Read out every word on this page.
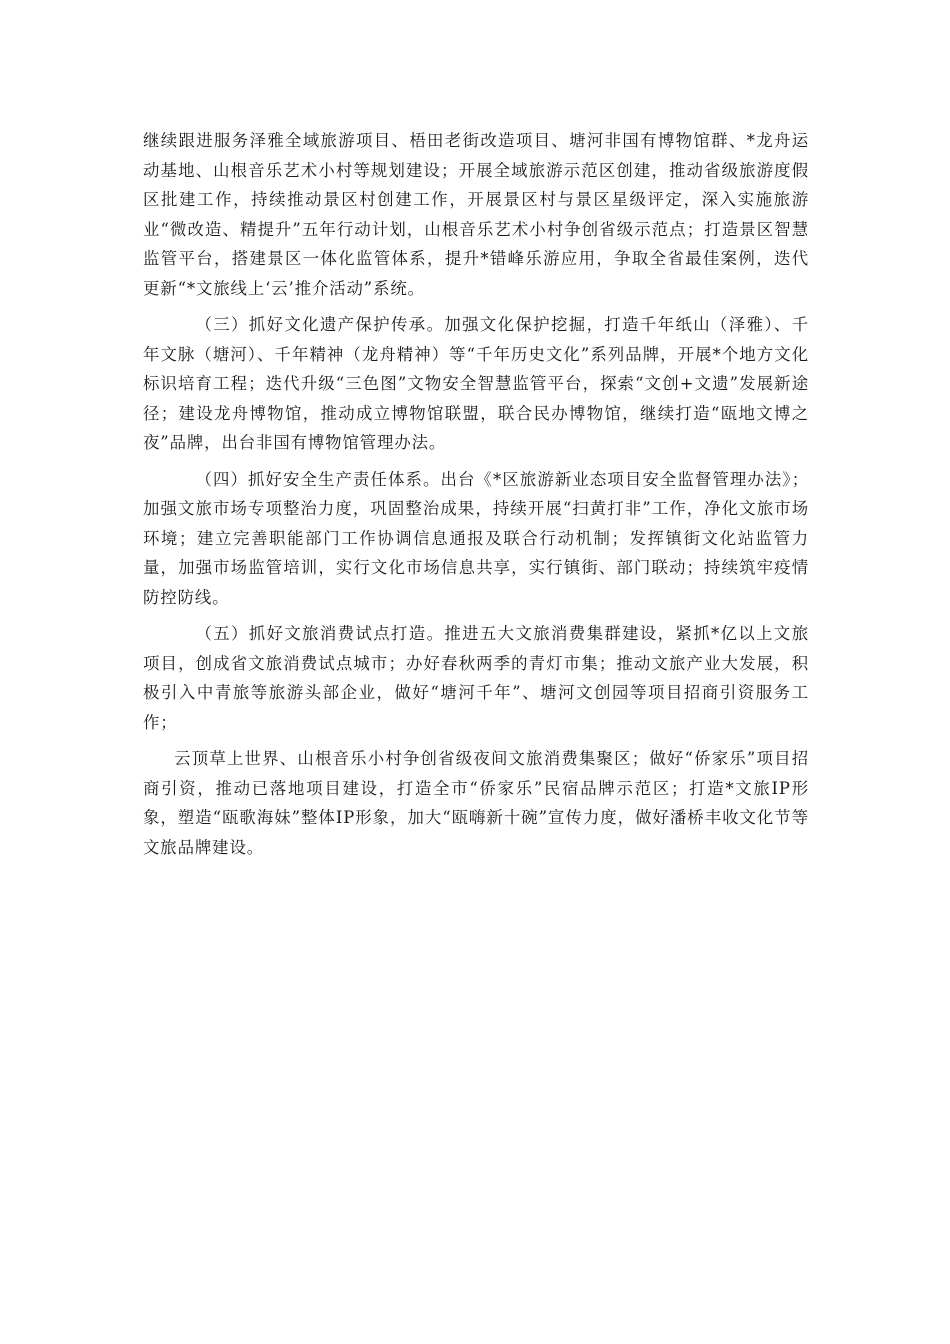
继续跟进服务泽雅全域旅游项目、梧田老街改造项目、塘河非国有博物馆群、*龙舟运动基地、山根音乐艺术小村等规划建设；开展全域旅游示范区创建，推动省级旅游度假区批建工作，持续推动景区村创建工作，开展景区村与景区星级评定，深入实施旅游业“微改造、精提升”五年行动计划，山根音乐艺术小村争创省级示范点；打造景区智慧监管平台，搭建景区一体化监管体系，提升*错峰乐游应用，争取全省最佳案例，迭代更新“*文旅线上‘云’推介活动”系统。

（三）抓好文化遗产保护传承。加强文化保护挖掘，打造千年纸山（泽雅）、千年文脉（塘河）、千年精神（龙舟精神）等“千年历史文化”系列品牌，开展*个地方文化标识培育工程；迭代升级“三色图”文物安全智慧监管平台，探索“文创+文遗”发展新途径；建设龙舟博物馆，推动成立博物馆联盟，联合民办博物馆，继续打造“瓯地文博之夜”品牌，出台非国有博物馆管理办法。

（四）抓好安全生产责任体系。出台《*区旅游新业态项目安全监督管理办法》；加强文旅市场专项整治力度，巩固整治成果，持续开展“扫黄打非”工作，净化文旅市场环境；建立完善职能部门工作协调信息通报及联合行动机制；发挥镇街文化站监管力量，加强市场监管培训，实行文化市场信息共享，实行镇街、部门联动；持续筑牢疫情防控防线。

（五）抓好文旅消费试点打造。推进五大文旅消费集群建设，紧抓*亿以上文旅项目，创成省文旅消费试点城市；办好春秋两季的青灯市集；推动文旅产业大发展，积极引入中青旅等旅游头部企业，做好“塘河千年”、塘河文创园等项目招商引资服务工作；

云顶草上世界、山根音乐小村争创省级夜间文旅消费集聚区；做好“侨家乐”项目招商引资，推动已落地项目建设，打造全市“侨家乐”民宿品牌示范区；打造*文旅IP形象，塑造“瓯歌海妹”整体IP形象，加大“瓯嗨新十碗”宣传力度，做好潘桥丰收文化节等文旅品牌建设。
